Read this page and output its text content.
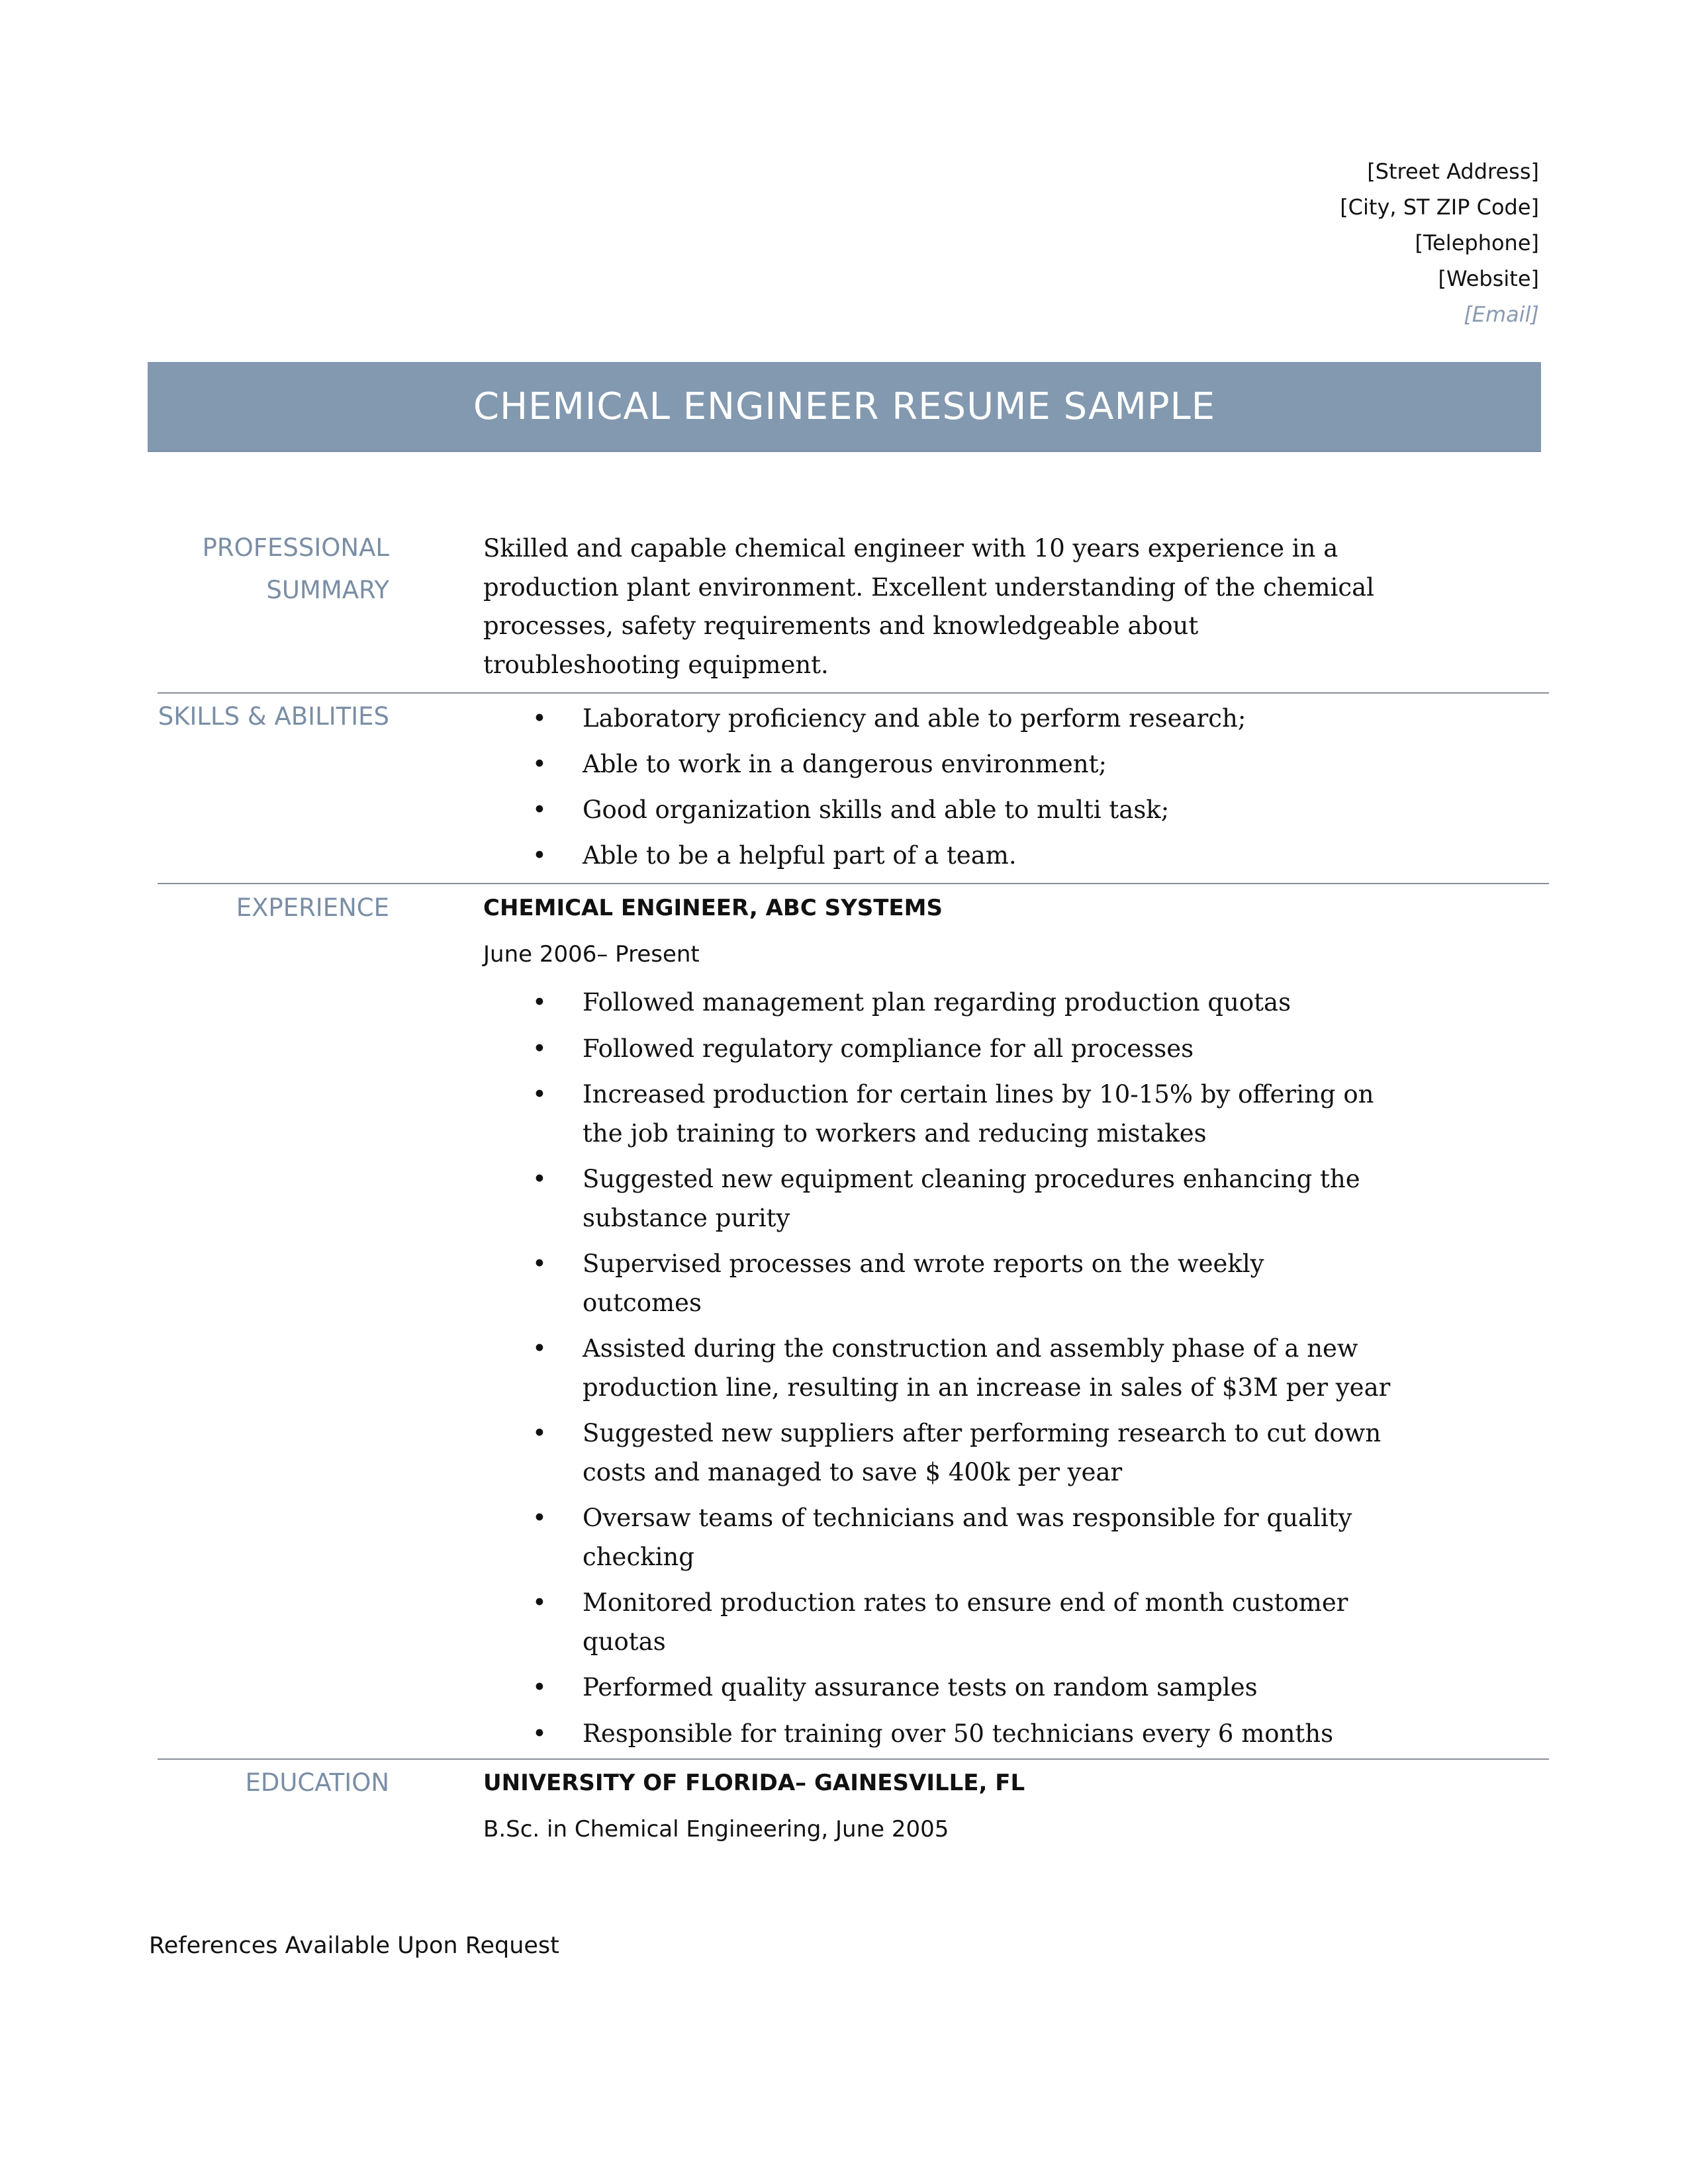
[Street Address]
[City, ST ZIP Code]
[Telephone]
[Website]
[Email]
CHEMICAL ENGINEER RESUME SAMPLE
PROFESSIONAL
SUMMARY
Skilled and capable chemical engineer with 10 years experience in a
production plant environment. Excellent understanding of the chemical
processes, safety requirements and knowledgeable about
troubleshooting equipment.
SKILLS & ABILITIES
•	Laboratory proficiency and able to perform research;
• Able to work in a dangerous environment;
• Good organization skills and able to multi task;
• Able to be a helpful part of a team.
EXPERIENCE	CHEMICAL ENGINEER, ABC SYSTEMS
June 2006– Present
• Followed management plan regarding production quotas
• Followed regulatory compliance for all processes
• Increased production for certain lines by 10-15% by offering on
the job training to workers and reducing mistakes
• Suggested new equipment cleaning procedures enhancing the
substance purity
• Supervised processes and wrote reports on the weekly
outcomes
• Assisted during the construction and assembly phase of a new
production line, resulting in an increase in sales of $3M per year
• Suggested new suppliers after performing research to cut down
costs and managed to save $ 400k per year
• Oversaw teams of technicians and was responsible for quality
checking
• Monitored production rates to ensure end of month customer
quotas
• Performed quality assurance tests on random samples
• Responsible for training over 50 technicians every 6 months
EDUCATION	UNIVERSITY OF FLORIDA– GAINESVILLE, FL
B.Sc. in Chemical Engineering, June 2005
References Available Upon Request
